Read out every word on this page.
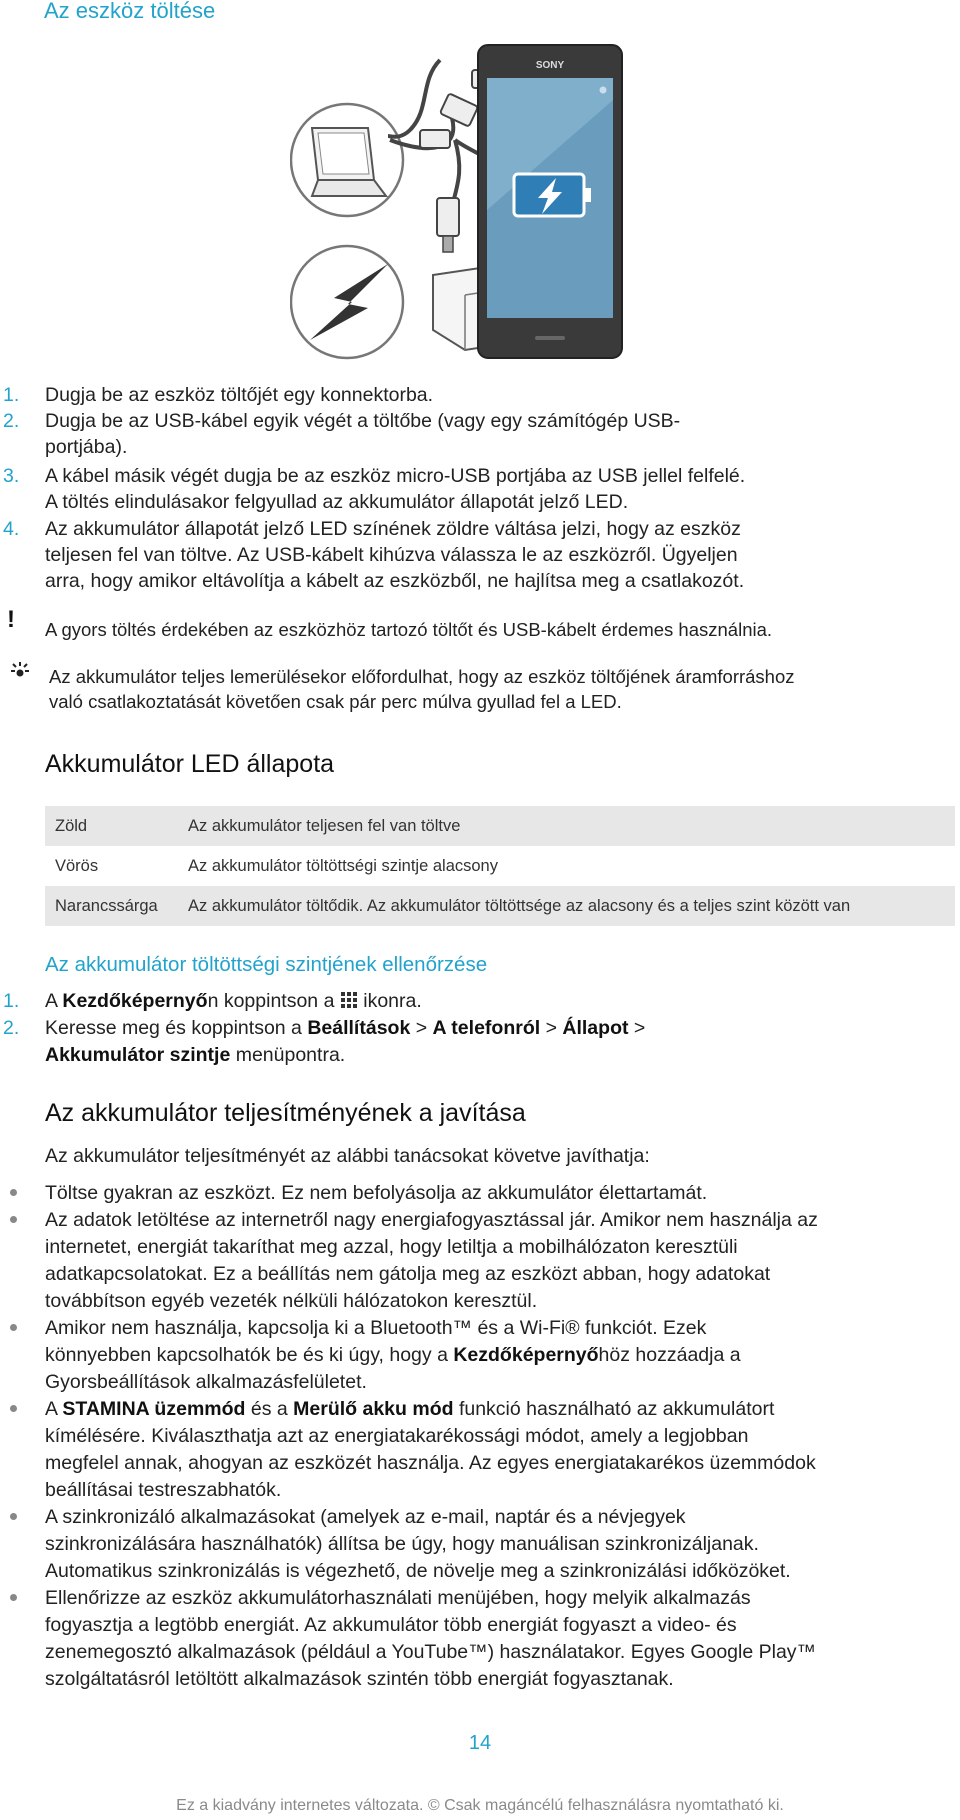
Az eszköz töltése
SONY
1. Dugja be az eszköz töltőjét egy konnektorba.
2. Dugja be az USB-kábel egyik végét a töltőbe (vagy egy számítógép USB-
portjába).
3. A kábel másik végét dugja be az eszköz micro-USB portjába az USB jellel felfelé.
A töltés elindulásakor felgyullad az akkumulátor állapotát jelző LED.
4. Az akkumulátor állapotát jelző LED színének zöldre váltása jelzi, hogy az eszköz
teljesen fel van töltve. Az USB-kábelt kihúzva válassza le az eszközről. Ügyeljen
arra, hogy amikor eltávolítja a kábelt az eszközből, ne hajlítsa meg a csatlakozót.
! A gyors töltés érdekében az eszközhöz tartozó töltőt és USB-kábelt érdemes használnia.
Az akkumulátor teljes lemerülésekor előfordulhat, hogy az eszköz töltőjének áramforráshoz
való csatlakoztatását követően csak pár perc múlva gyullad fel a LED.
Akkumulátor LED állapota
Zöld	Az akkumulátor teljesen fel van töltve
Vörös	Az akkumulátor töltöttségi szintje alacsony
Narancssárga Az akkumulátor töltődik. Az akkumulátor töltöttsége az alacsony és a teljes szint között van
Az akkumulátor töltöttségi szintjének ellenőrzése
1. A Kezdőképernyőn koppintson a  ikonra.
2. Keresse meg és koppintson a Beállítások > A telefonról > Állapot >
Akkumulátor szintje menüpontra.
Az akkumulátor teljesítményének a javítása
Az akkumulátor teljesítményét az alábbi tanácsokat követve javíthatja:
Töltse gyakran az eszközt. Ez nem befolyásolja az akkumulátor élettartamát.
Az adatok letöltése az internetről nagy energiafogyasztással jár. Amikor nem használja az
internetet, energiát takaríthat meg azzal, hogy letiltja a mobilhálózaton keresztüli
adatkapcsolatokat. Ez a beállítás nem gátolja meg az eszközt abban, hogy adatokat
továbbítson egyéb vezeték nélküli hálózatokon keresztül.
Amikor nem használja, kapcsolja ki a Bluetooth™ és a Wi-Fi® funkciót. Ezek
könnyebben kapcsolhatók be és ki úgy, hogy a Kezdőképernyőhöz hozzáadja a
Gyorsbeállítások alkalmazásfelületet.
A STAMINA üzemmód és a Merülő akku mód funkció használható az akkumulátort
kímélésére. Kiválaszthatja azt az energiatakarékossági módot, amely a legjobban
megfelel annak, ahogyan az eszközét használja. Az egyes energiatakarékos üzemmódok
beállításai testreszabhatók.
A szinkronizáló alkalmazásokat (amelyek az e-mail, naptár és a névjegyek
szinkronizálására használhatók) állítsa be úgy, hogy manuálisan szinkronizáljanak.
Automatikus szinkronizálás is végezhető, de növelje meg a szinkronizálási időközöket.
Ellenőrizze az eszköz akkumulátorhasználati menüjében, hogy melyik alkalmazás
fogyasztja a legtöbb energiát. Az akkumulátor több energiát fogyaszt a video- és
zenemegosztó alkalmazások (például a YouTube™) használatakor. Egyes Google Play™
szolgáltatásról letöltött alkalmazások szintén több energiát fogyasztanak.
14
Ez a kiadvány internetes változata. © Csak magáncélú felhasználásra nyomtatható ki.
